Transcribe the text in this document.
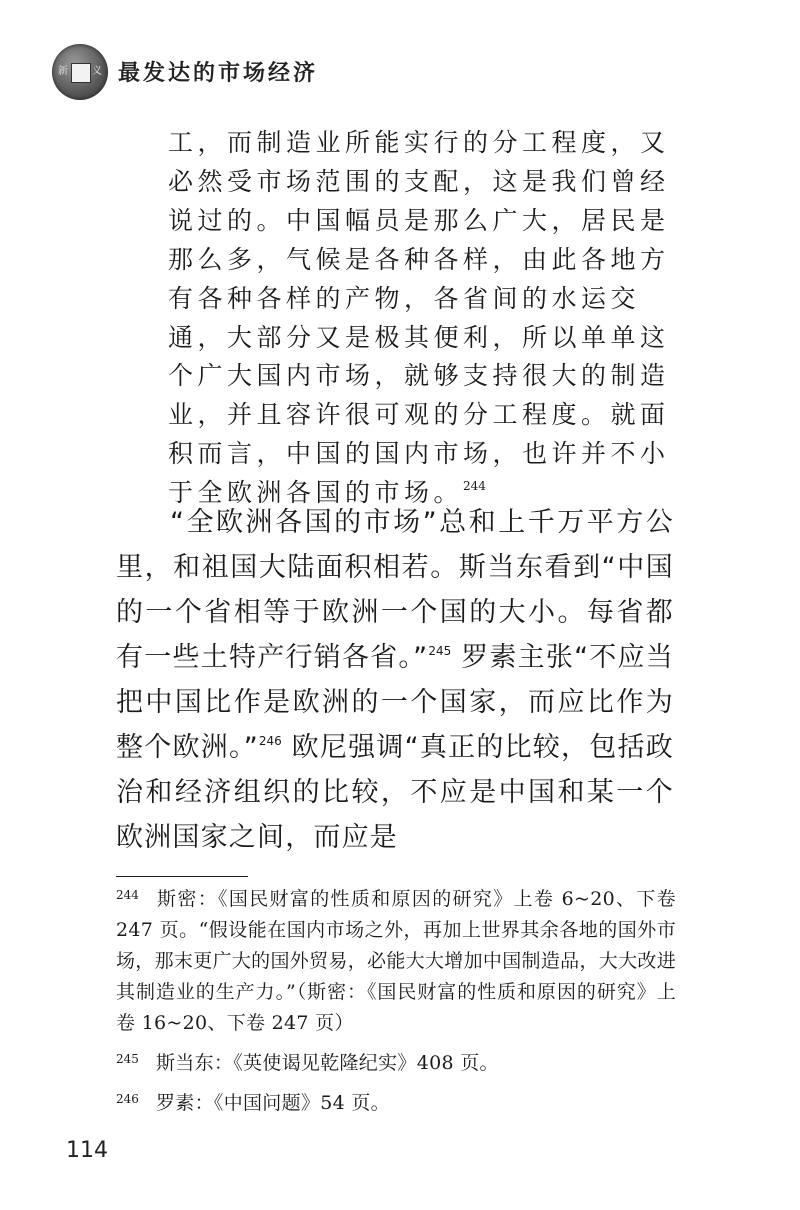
新 义 最发达的市场经济

工，而制造业所能实行的分工程度，又必然受市场范围的支配，这是我们曾经说过的。中国幅员是那么广大，居民是那么多，气候是各种各样，由此各地方有各种各样的产物，各省间的水运交通，大部分又是极其便利，所以单单这个广大国内市场，就够支持很大的制造业，并且容许很可观的分工程度。就面积而言，中国的国内市场，也许并不小于全欧洲各国的市场。$^{244}$

“全欧洲各国的市场”总和上千万平方公里，和祖国大陆面积相若。斯当东看到“中国的一个省相等于欧洲一个国的大小。每省都有一些土特产行销各省。”$^{245}$ 罗素主张“不应当把中国比作是欧洲的一个国家，而应比作为整个欧洲。”$^{246}$ 欧尼强调“真正的比较，包括政治和经济组织的比较，不应是中国和某一个欧洲国家之间，而应是

244 斯密：《国民财富的性质和原因的研究》上卷 6~20、下卷 247 页。“假设能在国内市场之外，再加上世界其余各地的国外市场，那末更广大的国外贸易，必能大大增加中国制造品，大大改进其制造业的生产力。”（斯密：《国民财富的性质和原因的研究》上卷 16~20、下卷 247 页）

245 斯当东：《英使谒见乾隆纪实》408 页。

246 罗素：《中国问题》54 页。

114
